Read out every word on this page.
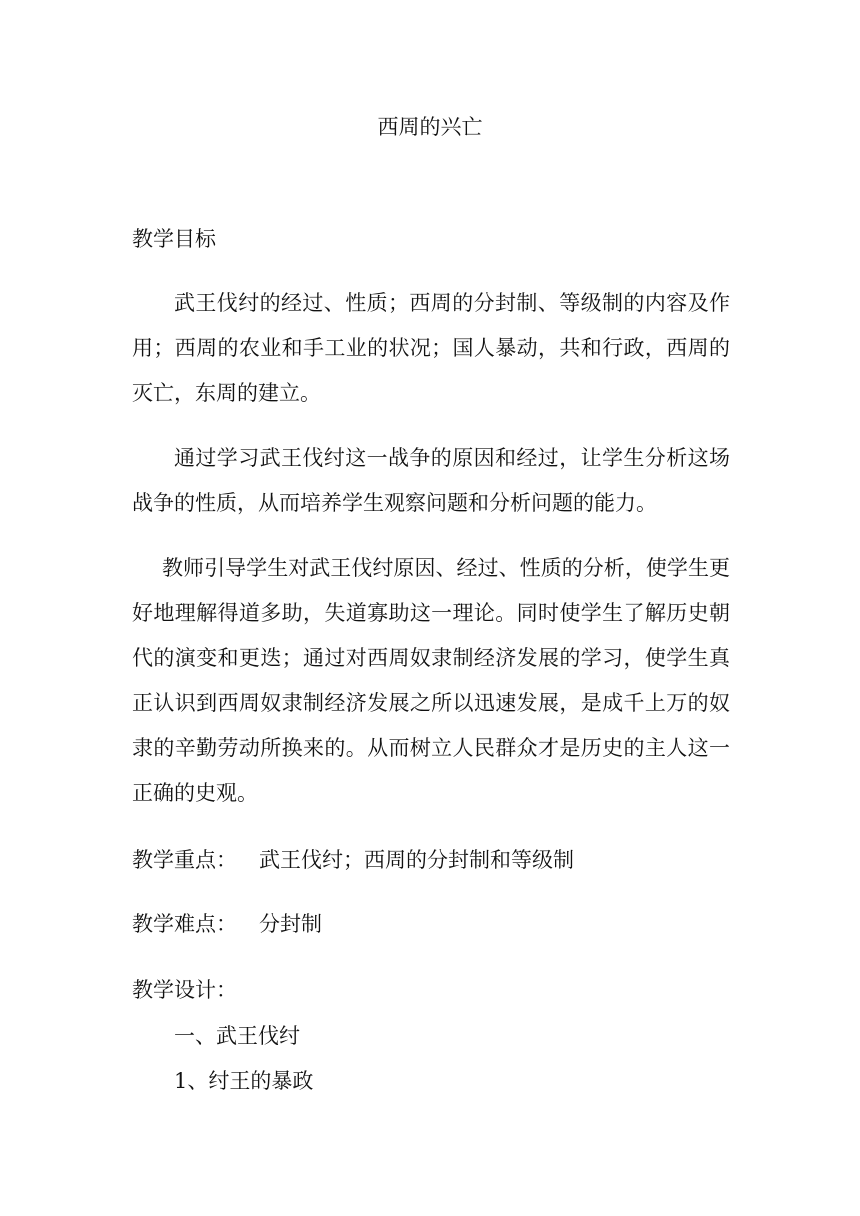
西周的兴亡
教学目标
武王伐纣的经过、性质；西周的分封制、等级制的内容及作用；西周的农业和手工业的状况；国人暴动，共和行政，西周的灭亡，东周的建立。
通过学习武王伐纣这一战争的原因和经过，让学生分析这场战争的性质，从而培养学生观察问题和分析问题的能力。
教师引导学生对武王伐纣原因、经过、性质的分析，使学生更好地理解得道多助，失道寡助这一理论。同时使学生了解历史朝代的演变和更迭；通过对西周奴隶制经济发展的学习，使学生真正认识到西周奴隶制经济发展之所以迅速发展，是成千上万的奴隶的辛勤劳动所换来的。从而树立人民群众才是历史的主人这一正确的史观。
教学重点： 武王伐纣；西周的分封制和等级制
教学难点： 分封制
教学设计：
一、武王伐纣
1、纣王的暴政
